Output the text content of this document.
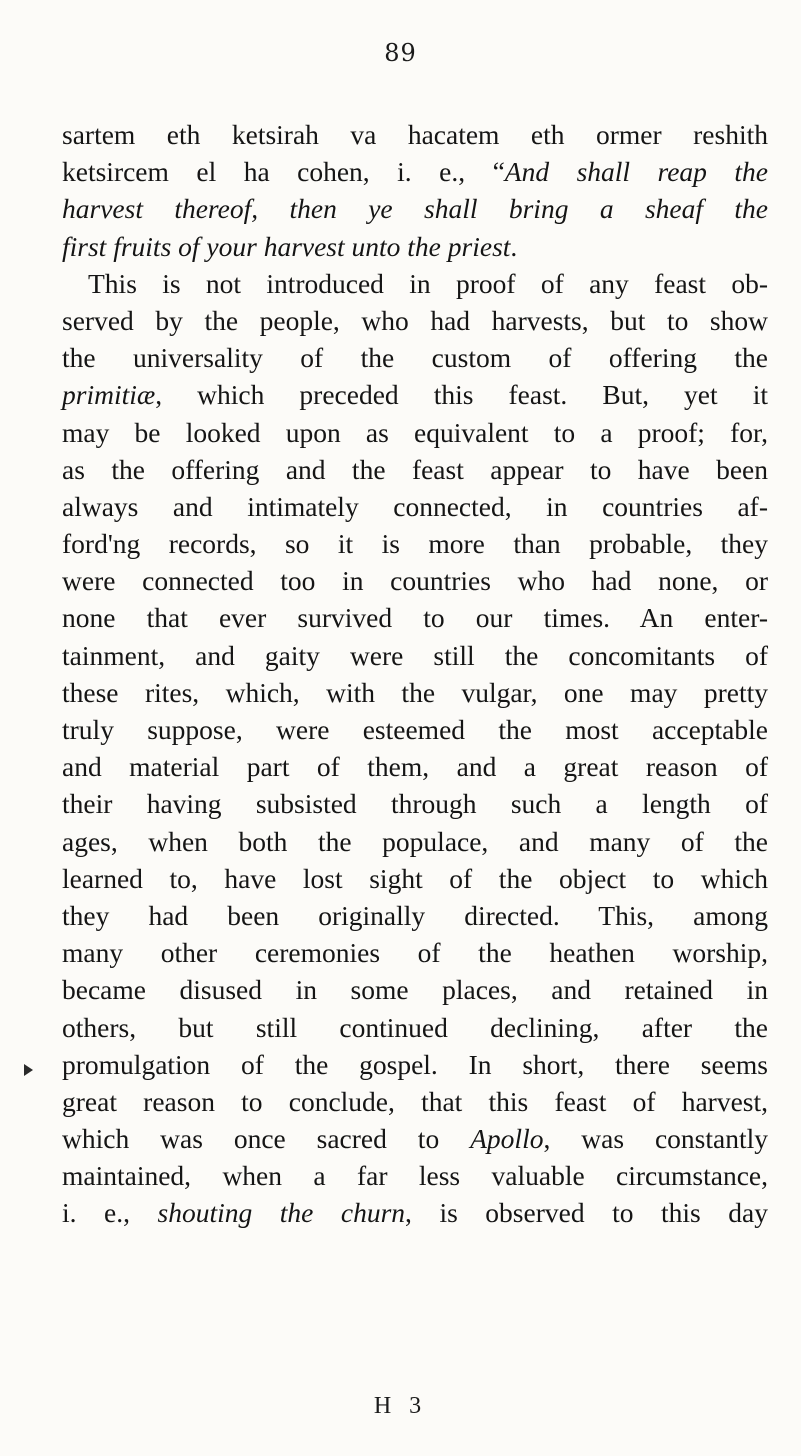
89
sartem eth ketsirah va hacatem eth ormer reshith
ketsircem el ha cohen, i. e., “And shall reap the
harvest thereof, then ye shall bring a sheaf the
first fruits of your harvest unto the priest.
This is not introduced in proof of any feast ob-
served by the people, who had harvests, but to show
the universality of the custom of offering the
primitiæ, which preceded this feast. But, yet it
may be looked upon as equivalent to a proof; for,
as the offering and the feast appear to have been
always and intimately connected, in countries af-
ford'ng records, so it is more than probable, they
were connected too in countries who had none, or
none that ever survived to our times. An enter-
tainment, and gaity were still the concomitants of
these rites, which, with the vulgar, one may pretty
truly suppose, were esteemed the most acceptable
and material part of them, and a great reason of
their having subsisted through such a length of
ages, when both the populace, and many of the
learned to, have lost sight of the object to which
they had been originally directed. This, among
many other ceremonies of the heathen worship,
became disused in some places, and retained in
others, but still continued declining, after the
promulgation of the gospel. In short, there seems
great reason to conclude, that this feast of harvest,
which was once sacred to Apollo, was constantly
maintained, when a far less valuable circumstance,
i. e., shouting the churn, is observed to this day
H 3
